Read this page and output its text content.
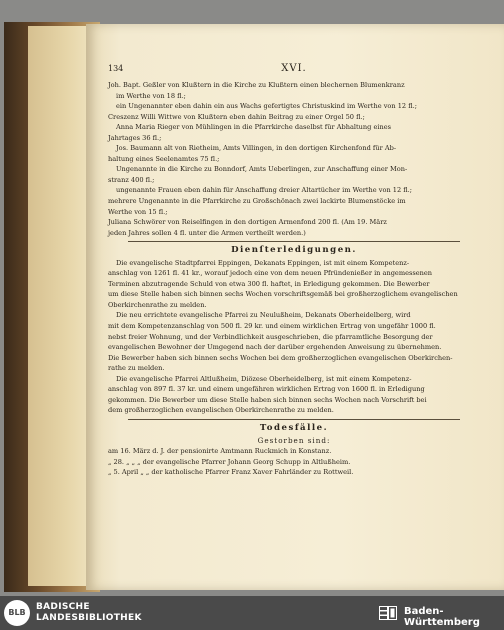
134	XVI.
Joh. Bapt. Geßler von Klußtern in die Kirche zu Klußtern einen blechernen Blumenkranz
im Werthe von 18 fl.;
ein Ungenannter eben dahin ein aus Wachs gefertigtes Christuskind im Werthe von 12 fl.;
Creszenz Willi Wittwe von Klußtern eben dahin Beitrag zu einer Orgel 50 fl.;
Anna Maria Rieger von Mühlingen in die Pfarrkirche daselbst für Abhaltung eines
Jahrtages 36 fl.;
Jos. Baumann alt von Rietheim, Amts Villingen, in den dortigen Kirchenfond für Ab-
haltung eines Seelenamtes 75 fl.;
Ungenannte in die Kirche zu Bonndorf, Amts Ueberlingen, zur Anschaffung einer Mon-
stranz 400 fl.;
ungenannte Frauen eben dahin für Anschaffung dreier Altartücher im Werthe von 12 fl.;
mehrere Ungenannte in die Pfarrkirche zu Großschönach zwei lackirte Blumenstöcke im
Werthe von 15 fl.;
Juliana Schwörer von Reiselfingen in den dortigen Armenfond 200 fl. (Am 19. März
jeden Jahres sollen 4 fl. unter die Armen vertheilt werden.)
Dienſterledigungen.
Die evangelische Stadtpfarrei Eppingen, Dekanats Eppingen, ist mit einem Kompetenz-
anschlag von 1261 fl. 41 kr., worauf jedoch eine von dem neuen Pfründenießer in angemessenen
Terminen abzutragende Schuld von etwa 300 fl. haftet, in Erledigung gekommen. Die Bewerber
um diese Stelle haben sich binnen sechs Wochen vorschriftsgemäß bei großherzoglichem evangelischen
Oberkirchenrathe zu melden.
Die neu errichtete evangelische Pfarrei zu Neulußheim, Dekanats Oberheidelberg, wird
mit dem Kompetenzanschlag von 500 fl. 29 kr. und einem wirklichen Ertrag von ungefähr 1000 fl.
nebst freier Wohnung, und der Verbindlichkeit ausgeschrieben, die pfarramtliche Besorgung der
evangelischen Bewohner der Umgegend nach der darüber ergehenden Anweisung zu übernehmen.
Die Bewerber haben sich binnen sechs Wochen bei dem großherzoglichen evangelischen Oberkirchen-
rathe zu melden.
Die evangelische Pfarrei Altlußheim, Diözese Oberheidelberg, ist mit einem Kompetenz-
anschlag von 897 fl. 37 kr. und einem ungefähren wirklichen Ertrag von 1600 fl. in Erledigung
gekommen. Die Bewerber um diese Stelle haben sich binnen sechs Wochen nach Vorschrift bei
dem großherzoglichen evangelischen Oberkirchenrathe zu melden.
Todesfälle.
Gestorben sind:
am 16. März d. J. der pensionirte Amtmann Ruckmich in Konstanz.
„ 28. „ „ „ der evangelische Pfarrer Johann Georg Schupp in Altlußheim.
„ 5. April „ „ der katholische Pfarrer Franz Xaver Fahrländer zu Rottweil.
BLB
BADISCHE
LANDESBIBLIOTHEK
Baden-Württemberg
